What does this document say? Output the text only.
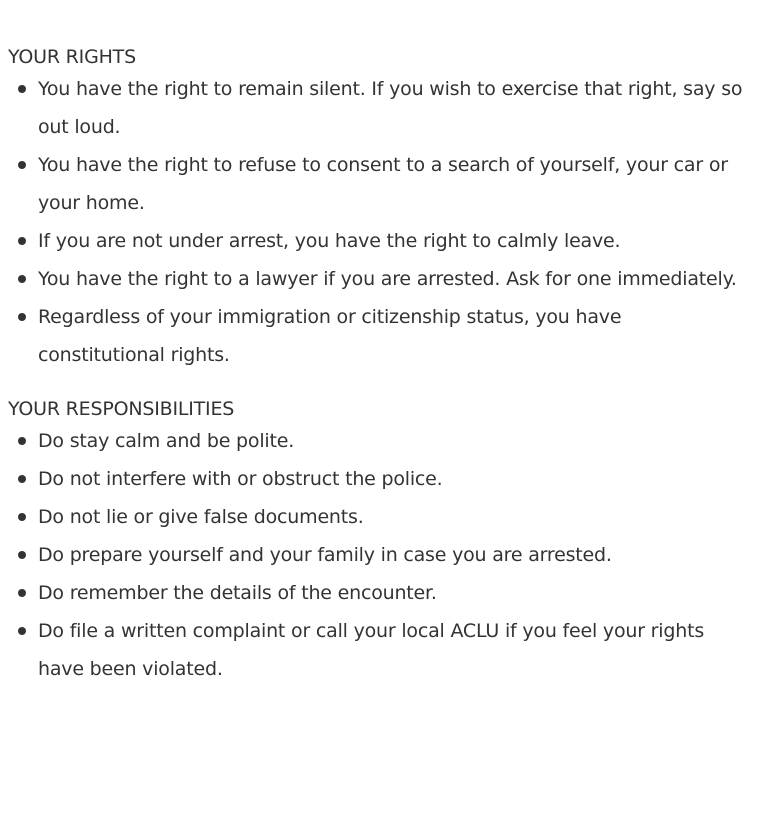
YOUR RIGHTS
You have the right to remain silent. If you wish to exercise that right, say so out loud.
You have the right to refuse to consent to a search of yourself, your car or your home.
If you are not under arrest, you have the right to calmly leave.
You have the right to a lawyer if you are arrested. Ask for one immediately.
Regardless of your immigration or citizenship status, you have constitutional rights.
YOUR RESPONSIBILITIES
Do stay calm and be polite.
Do not interfere with or obstruct the police.
Do not lie or give false documents.
Do prepare yourself and your family in case you are arrested.
Do remember the details of the encounter.
Do file a written complaint or call your local ACLU if you feel your rights have been violated.
